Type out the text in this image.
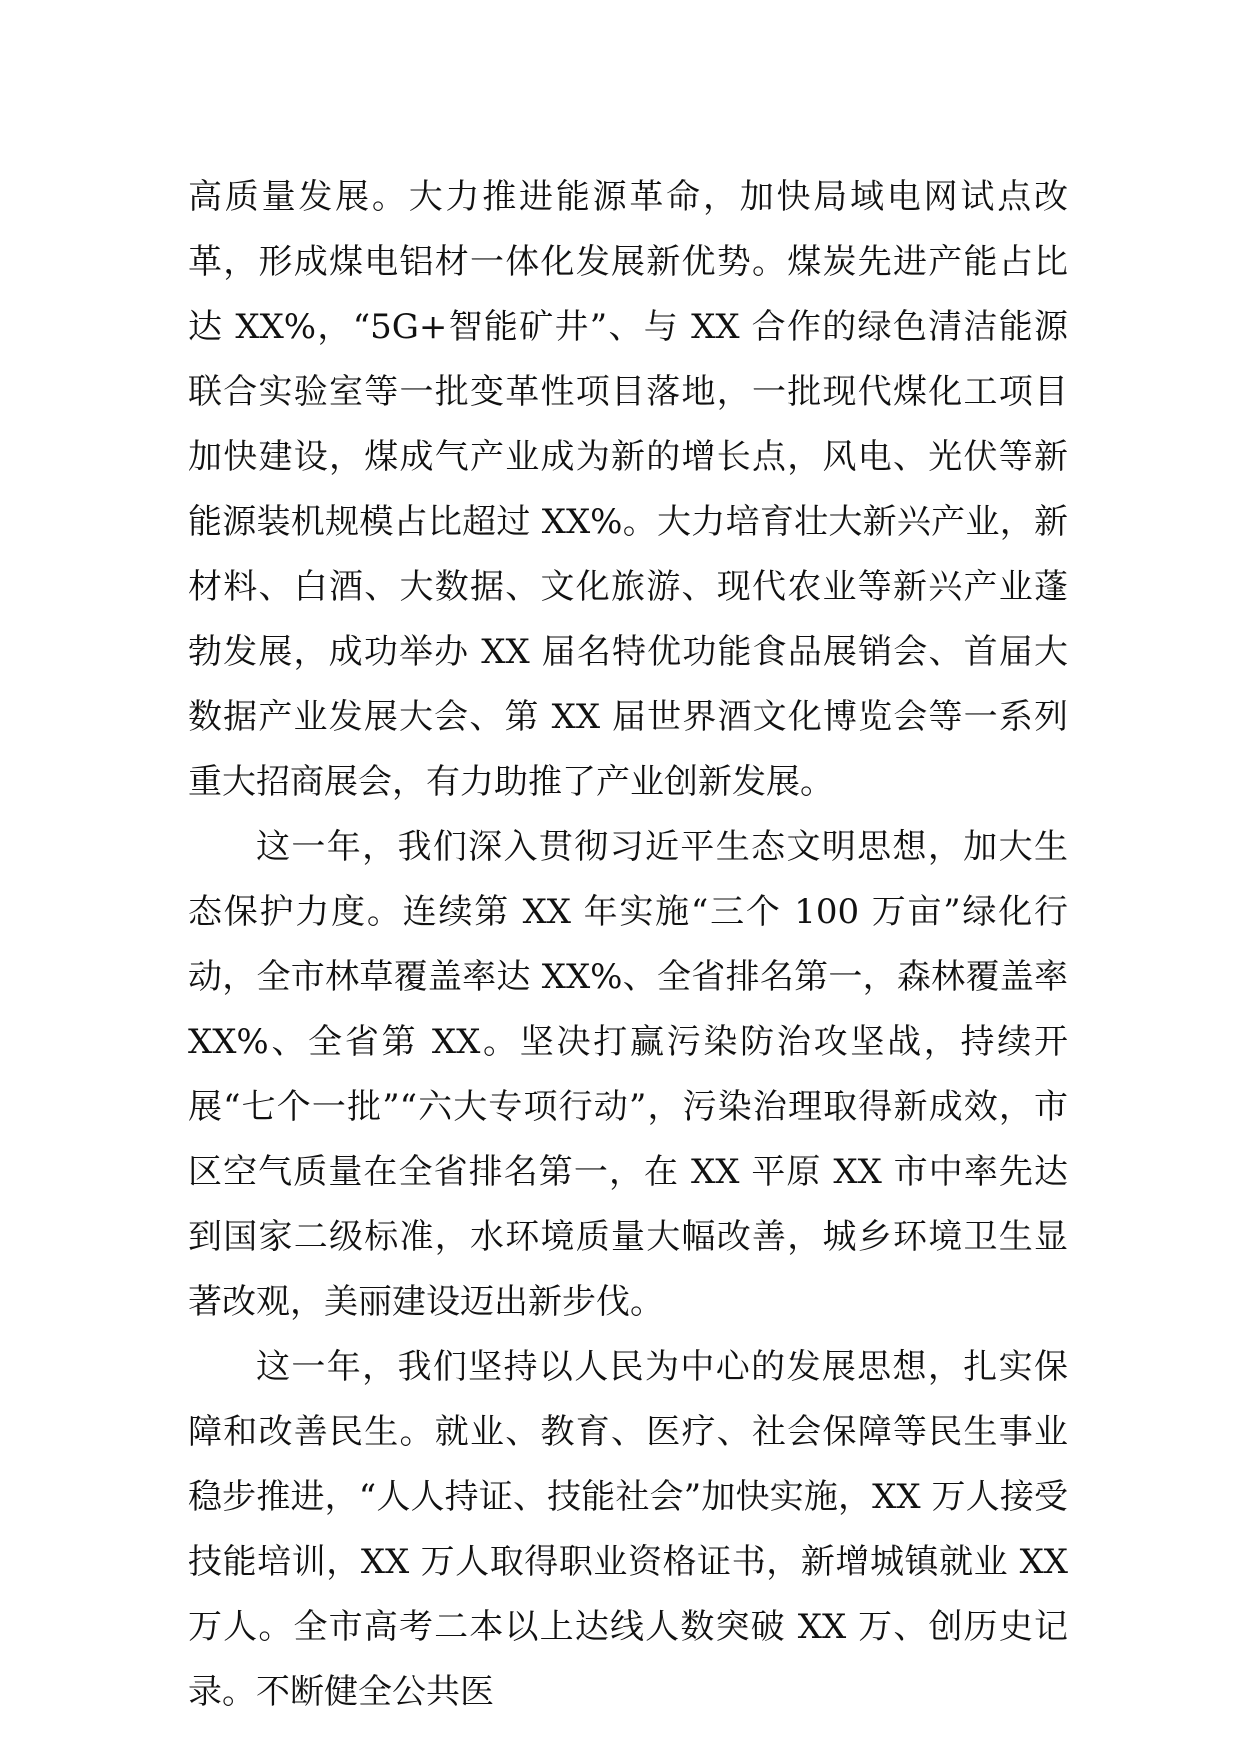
高质量发展。大力推进能源革命，加快局域电网试点改革，形成煤电铝材一体化发展新优势。煤炭先进产能占比达 XX%，“5G+智能矿井”、与 XX 合作的绿色清洁能源联合实验室等一批变革性项目落地，一批现代煤化工项目加快建设，煤成气产业成为新的增长点，风电、光伏等新能源装机规模占比超过 XX%。大力培育壮大新兴产业，新材料、白酒、大数据、文化旅游、现代农业等新兴产业蓬勃发展，成功举办 XX 届名特优功能食品展销会、首届大数据产业发展大会、第 XX 届世界酒文化博览会等一系列重大招商展会，有力助推了产业创新发展。

这一年，我们深入贯彻习近平生态文明思想，加大生态保护力度。连续第 XX 年实施“三个 100 万亩”绿化行动，全市林草覆盖率达 XX%、全省排名第一，森林覆盖率 XX%、全省第 XX。坚决打赢污染防治攻坚战，持续开展“七个一批”“六大专项行动”，污染治理取得新成效，市区空气质量在全省排名第一，在 XX 平原 XX 市中率先达到国家二级标准，水环境质量大幅改善，城乡环境卫生显著改观，美丽建设迈出新步伐。

这一年，我们坚持以人民为中心的发展思想，扎实保障和改善民生。就业、教育、医疗、社会保障等民生事业稳步推进，“人人持证、技能社会”加快实施，XX 万人接受技能培训，XX 万人取得职业资格证书，新增城镇就业 XX 万人。全市高考二本以上达线人数突破 XX 万、创历史记录。不断健全公共医
